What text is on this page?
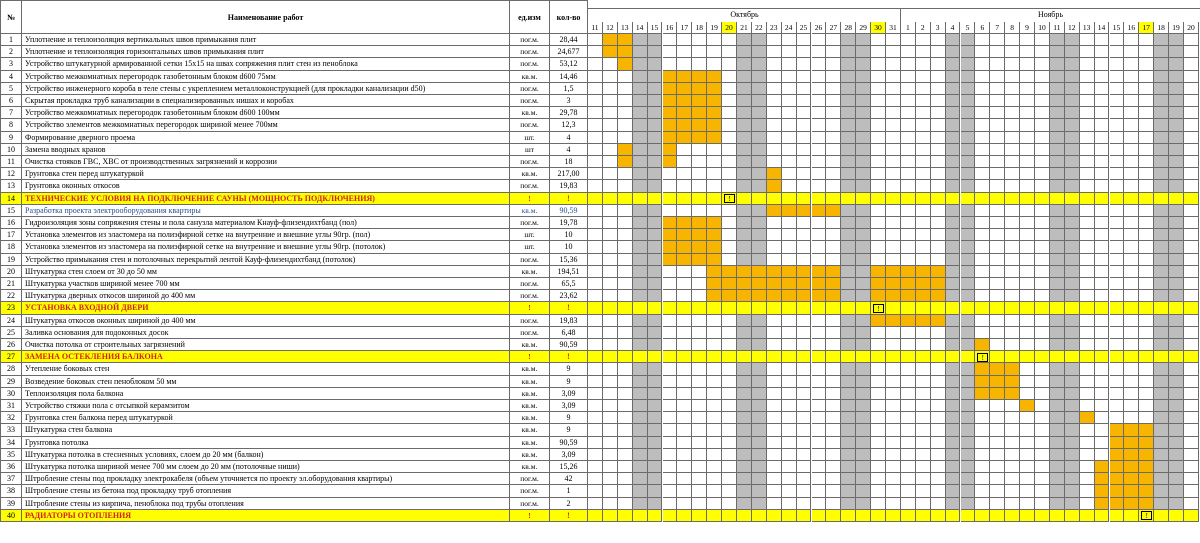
№	Наименование работ	ед.изм	кол-во	Октябрь	Ноябрь
11	12 13 14 15 16 17 18 19 20 21 22 23 24 25 26 27 28 29 30 31	1	2	3	4	5	6	7	8	9	10	11	12 13 14 15 16 17 18 19 20
1	Уплотнение и теплоизоляция вертикальных швов примыкания плит	пог.м.	28,44
2	Уплотнение и теплоизоляция горизонтальных швов примыкания плит	пог.м.	24,677
3	Устройство штукатурной армированной сетки 15х15 на швах сопряжения плит стен из пеноблока	пог.м.	53,12
4	Устройство межкомнатных перегородок газобетонным блоком d600 75мм	кв.м.	14,46
5	Устройство инженерного короба в теле стены с укреплением металлоконструкцией (для прокладки канализации d50)	пог.м.	1,5
6	Скрытая прокладка труб канализации в специализированных нишах и коробах	пог.м.	3
7	Устройство межкомнатных перегородок газобетонным блоком d600 100мм	кв.м.	29,78
8	Устройство элементов межкомнатных перегородок шириной менее 700мм	пог.м.	12,3
9	Формирование дверного проема	шт.	4
10	Замена вводных кранов	шт	4
11	Очистка стояков ГВС, ХВС от производственных загрязнений и коррозии	пог.м.	18
12	Грунтовка стен перед штукатуркой	кв.м.	217,00
13	Грунтовка оконных откосов	пог.м.	19,83
14	ТЕХНИЧЕСКИЕ УСЛОВИЯ НА ПОДКЛЮЧЕНИЕ САУНЫ (МОЩНОСТЬ ПОДКЛЮЧЕНИЯ)	!	!	!
15	Разработка проекта электрооборудования квартиры	кв.м.	90,59
16	Гидроизоляция зоны сопряжения стены и пола санузла материалом Кнауф-флизендихтбанд (пол)	пог.м.	19,78
17	Установка элементов из эластомера на полиэфирной сетке на внутренние и внешние углы 90гр. (пол)	шт.	10
18	Установка элементов из эластомера на полиэфирной сетке на внутренние и внешние углы 90гр. (потолок)	шт.	10
19	Устройство примыкания стен и потолочных перекрытий лентой Кауф-флизендихтбанд (потолок)	пог.м.	15,36
20	Штукатурка стен слоем от 30 до 50 мм	кв.м.	194,51
21	Штукатурка участков шириной менее 700 мм	пог.м.	65,5
22	Штукатурка дверных откосов шириной до 400 мм	пог.м.	23,62
23	УСТАНОВКА ВХОДНОЙ ДВЕРИ	!	!	!
24	Штукатурка откосов оконных шириной до 400 мм	пог.м.	19,83
25	Заливка основания для подоконных досок	пог.м.	6,48
26	Очистка потолка от строительных загрязнений	кв.м.	90,59
27	ЗАМЕНА ОСТЕКЛЕНИЯ БАЛКОНА	!	!	!
28	Утепление боковых стен	кв.м.	9
29	Возведение боковых стен пеноблоком 50 мм	кв.м.	9
30	Теплоизоляция пола балкона	кв.м.	3,09
31	Устройство стяжки пола с отсыпкой керамзитом	кв.м.	3,09
32	Грунтовка стен балкона перед штукатуркой	кв.м.	9
33	Штукатурка стен балкона	кв.м.	9
34	Грунтовка потолка	кв.м.	90,59
35	Штукатурка потолка в стесненных условиях, слоем до 20 мм (балкон)	кв.м.	3,09
36	Штукатурка потолка шириной менее 700 мм слоем до 20 мм (потолочные ниши)	кв.м.	15,26
37	Штробление стены под прокладку электрокабеля (объем уточняется по проекту эл.оборудования квартиры)	пог.м.	42
38	Штробление стены из бетона под прокладку труб отопления	пог.м.	1
39	Штробление стены из кирпича, пеноблока под трубы отопления	пог.м.	2
40	РАДИАТОРЫ ОТОПЛЕНИЯ	!	!	!
